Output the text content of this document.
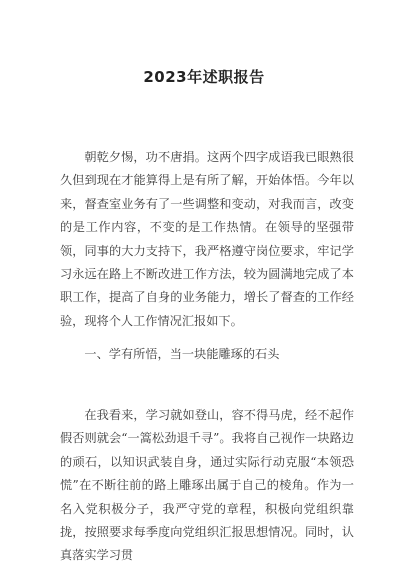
2023年述职报告

朝乾夕惕，功不唐捐。这两个四字成语我已眼熟很久但到现在才能算得上是有所了解，开始体悟。今年以来，督查室业务有了一些调整和变动，对我而言，改变的是工作内容，不变的是工作热情。在领导的坚强带领，同事的大力支持下，我严格遵守岗位要求，牢记学习永远在路上不断改进工作方法，较为圆满地完成了本职工作，提高了自身的业务能力，增长了督查的工作经验，现将个人工作情况汇报如下。

一、学有所悟，当一块能雕琢的石头

在我看来，学习就如登山，容不得马虎，经不起作假否则就会“一篙松劲退千寻”。我将自己视作一块路边的顽石，以知识武装自身，通过实际行动克服“本领恐慌”在不断往前的路上雕琢出属于自己的棱角。作为一名入党积极分子，我严守党的章程，积极向党组织靠拢，按照要求每季度向党组织汇报思想情况。同时，认真落实学习贯
